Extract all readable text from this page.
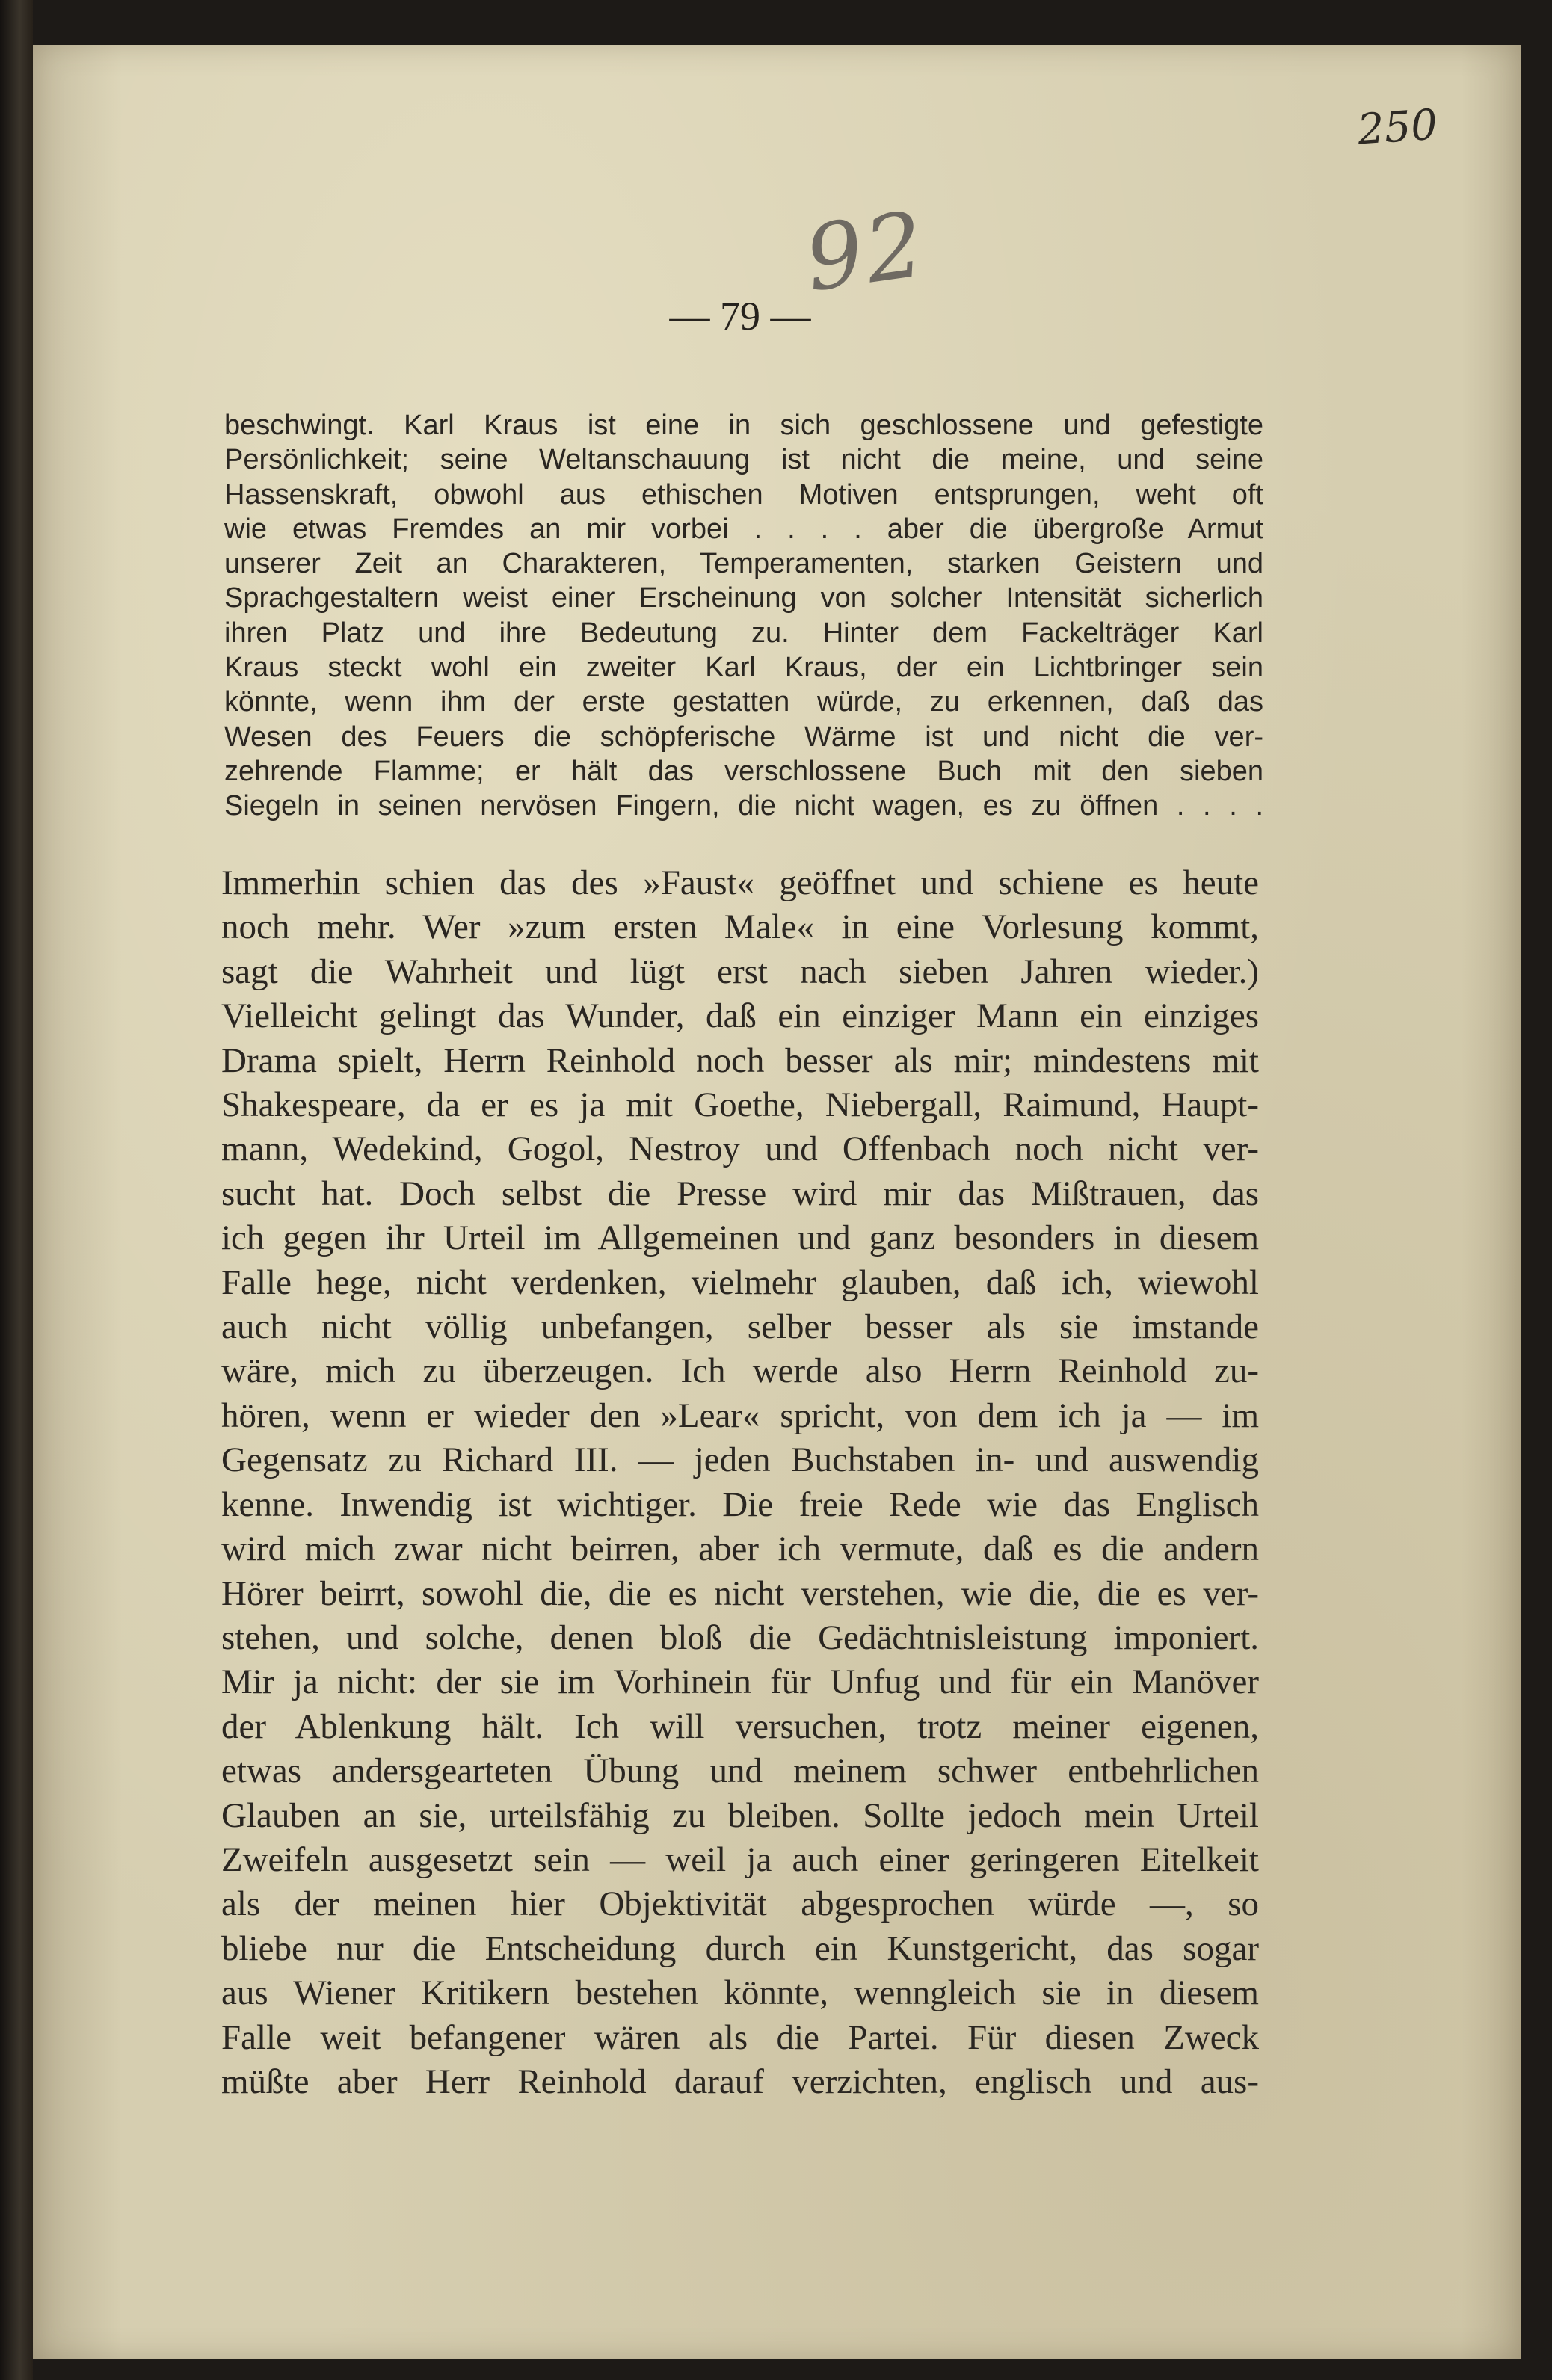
250
92
— 79 —
beschwingt. Karl Kraus ist eine in sich geschlossene und gefestigte
Persönlichkeit; seine Weltanschauung ist nicht die meine, und seine
Hassenskraft, obwohl aus ethischen Motiven entsprungen, weht oft
wie etwas Fremdes an mir vorbei . . . . aber die übergroße Armut
unserer Zeit an Charakteren, Temperamenten, starken Geistern und
Sprachgestaltern weist einer Erscheinung von solcher Intensität sicherlich
ihren Platz und ihre Bedeutung zu. Hinter dem Fackelträger Karl
Kraus steckt wohl ein zweiter Karl Kraus, der ein Lichtbringer sein
könnte, wenn ihm der erste gestatten würde, zu erkennen, daß das
Wesen des Feuers die schöpferische Wärme ist und nicht die ver-
zehrende Flamme; er hält das verschlossene Buch mit den sieben
Siegeln in seinen nervösen Fingern, die nicht wagen, es zu öffnen . . . .
Immerhin schien das des »Faust« geöffnet und schiene es heute
noch mehr. Wer »zum ersten Male« in eine Vorlesung kommt,
sagt die Wahrheit und lügt erst nach sieben Jahren wieder.)
Vielleicht gelingt das Wunder, daß ein einziger Mann ein einziges
Drama spielt, Herrn Reinhold noch besser als mir; mindestens mit
Shakespeare, da er es ja mit Goethe, Niebergall, Raimund, Haupt-
mann, Wedekind, Gogol, Nestroy und Offenbach noch nicht ver-
sucht hat. Doch selbst die Presse wird mir das Mißtrauen, das
ich gegen ihr Urteil im Allgemeinen und ganz besonders in diesem
Falle hege, nicht verdenken, vielmehr glauben, daß ich, wiewohl
auch nicht völlig unbefangen, selber besser als sie imstande
wäre, mich zu überzeugen. Ich werde also Herrn Reinhold zu-
hören, wenn er wieder den »Lear« spricht, von dem ich ja — im
Gegensatz zu Richard III. — jeden Buchstaben in- und auswendig
kenne. Inwendig ist wichtiger. Die freie Rede wie das Englisch
wird mich zwar nicht beirren, aber ich vermute, daß es die andern
Hörer beirrt, sowohl die, die es nicht verstehen, wie die, die es ver-
stehen, und solche, denen bloß die Gedächtnisleistung imponiert.
Mir ja nicht: der sie im Vorhinein für Unfug und für ein Manöver
der Ablenkung hält. Ich will versuchen, trotz meiner eigenen,
etwas andersgearteten Übung und meinem schwer entbehrlichen
Glauben an sie, urteilsfähig zu bleiben. Sollte jedoch mein Urteil
Zweifeln ausgesetzt sein — weil ja auch einer geringeren Eitelkeit
als der meinen hier Objektivität abgesprochen würde —, so
bliebe nur die Entscheidung durch ein Kunstgericht, das sogar
aus Wiener Kritikern bestehen könnte, wenngleich sie in diesem
Falle weit befangener wären als die Partei. Für diesen Zweck
müßte aber Herr Reinhold darauf verzichten, englisch und aus-
